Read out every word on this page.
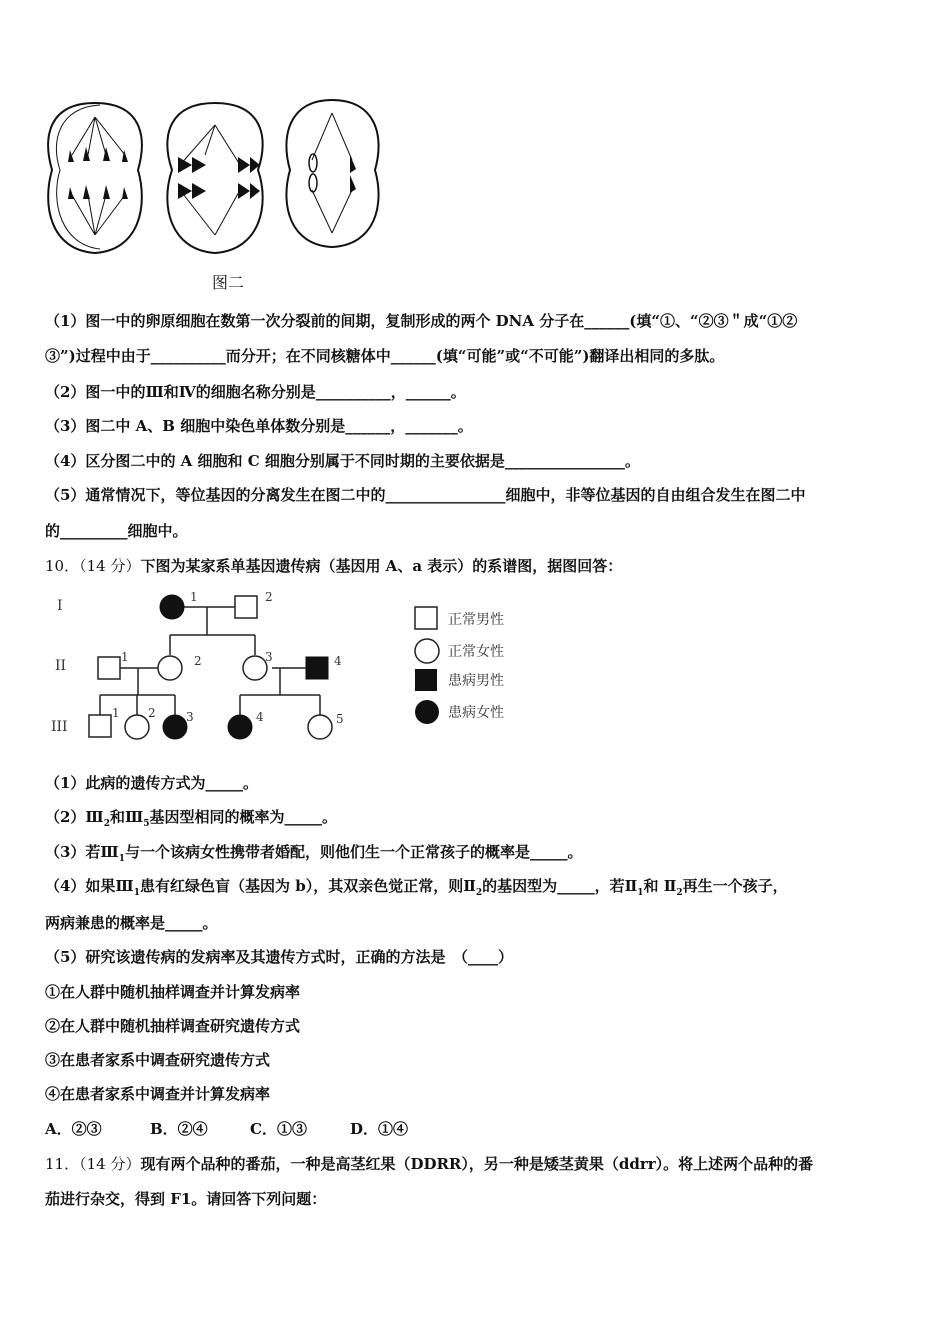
图二
（1）图一中的卵原细胞在数第一次分裂前的间期，复制形成的两个 DNA 分子在______(填“①、“②③＂成“①②
③”)过程中由于__________而分开；在不同核糖体中______(填“可能”或“不可能”)翻译出相同的多肽。
（2）图一中的Ⅲ和Ⅳ的细胞名称分别是__________，______。
（3）图二中 A、B 细胞中染色单体数分别是______，_______。
（4）区分图二中的 A 细胞和 C 细胞分别属于不同时期的主要依据是________________。
（5）通常情况下，等位基因的分离发生在图二中的________________细胞中，非等位基因的自由组合发生在图二中
的_________细胞中。
10．（14 分）下图为某家系单基因遗传病（基因用 A、a 表示）的系谱图，据图回答：
I
II
III
1	2
1	2	3	4
1 2	3	4	5
正常男性
正常女性
患病男性
患病女性
（1）此病的遗传方式为_____。
$(2)Ⅲ_2$和$Ⅲ_5$基因型相同的概率为_____。
（3）若$Ⅲ_1$与一个该病女性携带者婚配，则他们生一个正常孩子的概率是_____。
（4）如果$Ⅲ_1$患有红绿色盲（基因为 b），其双亲色觉正常，则$Ⅱ_2$的基因型为_____，若$Ⅱ_1$和 $Ⅱ_2$再生一个孩子，
两病兼患的概率是_____。
（5）研究该遗传病的发病率及其遗传方式时，正确的方法是　（____）
①在人群中随机抽样调查并计算发病率
②在人群中随机抽样调查研究遗传方式
③在患者家系中调查研究遗传方式
④在患者家系中调查并计算发病率
A．②③	B．②④	C．①③	D．①④
11．（14 分）现有两个品种的番茄，一种是高茎红果（DDRR），另一种是矮茎黄果（ddrr）。将上述两个品种的番
茄进行杂交，得到 F1。请回答下列问题：
